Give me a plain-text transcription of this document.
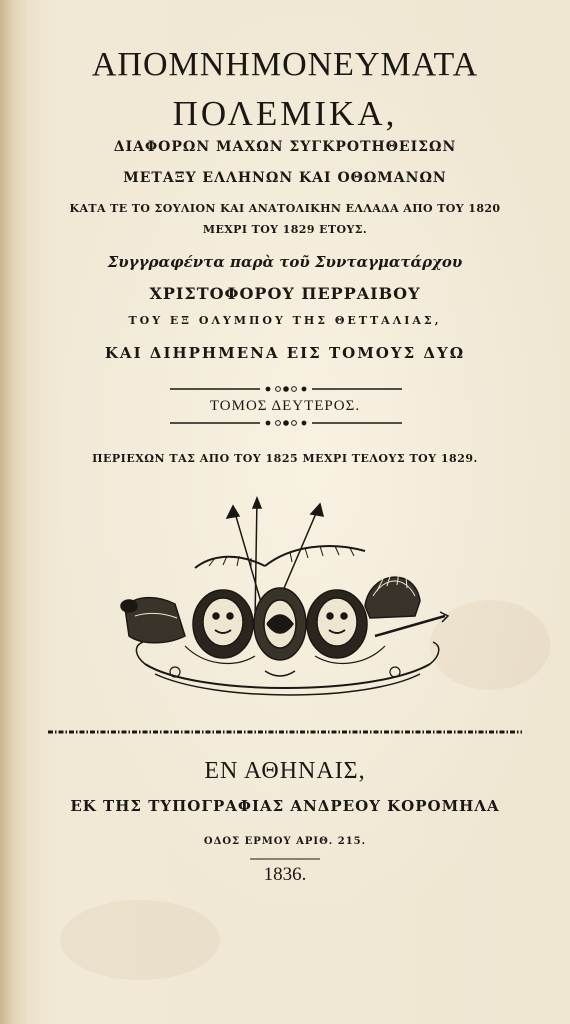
ΑΠΟΜΝΗΜΟΝΕΥΜΑΤΑ
ΠΟΛΕΜΙΚΑ,
ΔΙΑΦΟΡΩΝ ΜΑΧΩΝ ΣΥΓΚΡΟΤΗΘΕΙΣΩΝ
ΜΕΤΑΞΥ ΕΛΛΗΝΩΝ ΚΑΙ ΟΘΩΜΑΝΩΝ
ΚΑΤΑ ΤΕ ΤΟ ΣΟΥΛΙΟΝ ΚΑΙ ΑΝΑΤΟΛΙΚΗΝ ΕΛΛΑΔΑ ΑΠΟ ΤΟΥ 1820
ΜΕΧΡΙ ΤΟΥ 1829 ΕΤΟΥΣ.
Συγγραφέντα παρὰ τοῦ Συνταγματάρχου
ΧΡΙΣΤΟΦΟΡΟΥ ΠΕΡΡΑΙΒΟΥ
ΤΟΥ ΕΞ ΟΛΥΜΠΟΥ ΤΗΣ ΘΕΤΤΑΛΙΑΣ,
ΚΑΙ ΔΙΗΡΗΜΕΝΑ ΕΙΣ ΤΟΜΟΥΣ ΔΥΩ
ΤΟΜΟΣ ΔΕΥΤΕΡΟΣ.
ΠΕΡΙΕΧΩΝ ΤΑΣ ΑΠΟ ΤΟΥ 1825 ΜΕΧΡΙ ΤΕΛΟΥΣ ΤΟΥ 1829.
ΕΝ ΑΘΗΝΑΙΣ,
ΕΚ ΤΗΣ ΤΥΠΟΓΡΑΦΙΑΣ ΑΝΔΡΕΟΥ ΚΟΡΟΜΗΛΑ
ΟΔΟΣ ΕΡΜΟΥ ΑΡΙΘ. 215.
1836.
